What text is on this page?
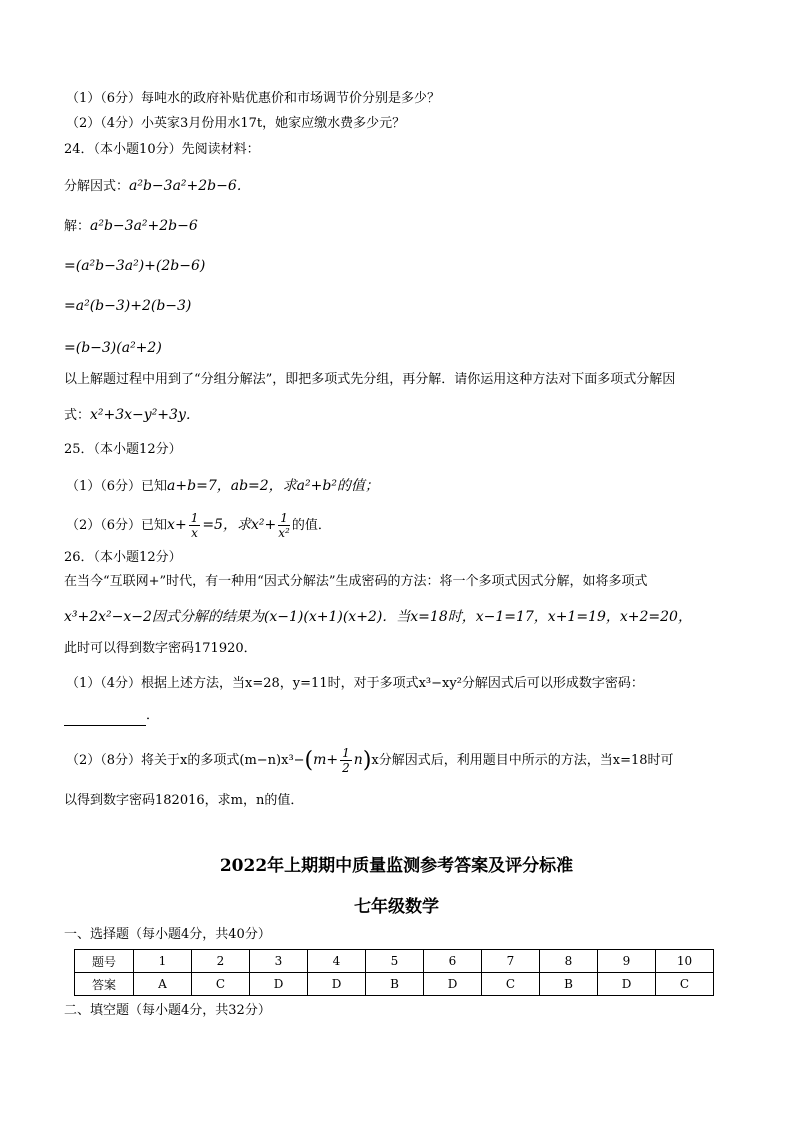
（1）（6分）每吨水的政府补贴优惠价和市场调节价分别是多少？
（2）（4分）小英家3月份用水17t，她家应缴水费多少元？
24．（本小题10分）先阅读材料：
分解因式：a²b−3a²+2b−6．
解：a²b−3a²+2b−6
=(a²b−3a²)+(2b−6)
=a²(b−3)+2(b−3)
=(b−3)(a²+2)
以上解题过程中用到了“分组分解法”，即把多项式先分组，再分解．请你运用这种方法对下面多项式分解因
式：x²+3x−y²+3y．
25．（本小题12分）
（1）（6分）已知a+b=7，ab=2，求a²+b²的值；
（2）（6分）已知$x+ \frac{1}{x} =5$，求$x^2+ \frac{1}{\text{x²}}$ 的值．
26．（本小题12分）
在当今“互联网+”时代，有一种用“因式分解法”生成密码的方法：将一个多项式因式分解，如将多项式
x³+2x²−x−2因式分解的结果为(x−1)(x+1)(x+2)．当x=18时，x−1=17，x+1=19，x+2=20，
此时可以得到数字密码171920．
（1）（4分）根据上述方法，当x=28，y=11时，对于多项式x³−xy²分解因式后可以形成数字密码：
．
（2）（8分）将关于x的多项式$(m-n)x^3-(m+ \frac{1}{2} n)x$分解因式后，利用题目中所示的方法，当x=18时可
以得到数字密码182016，求m，n的值．
2022年上期期中质量监测参考答案及评分标准
七年级数学
一、选择题（每小题4分，共40分）
题号	1	2	3	4	5	6	7	8	9	10
答案	A	C	D	D	B	D	C	B	D	C
二、填空题（每小题4分，共32分）
